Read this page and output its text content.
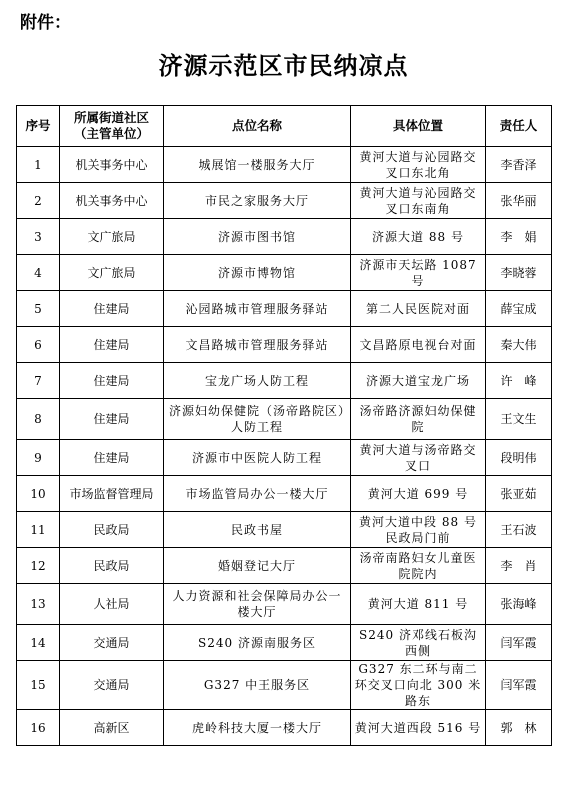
附件：
济源示范区市民纳凉点
序号	所属街道社区（主管单位）	点位名称	具体位置	责任人
1	机关事务中心	城展馆一楼服务大厅	黄河大道与沁园路交叉口东北角	李香泽
2	机关事务中心	市民之家服务大厅	黄河大道与沁园路交叉口东南角	张华丽
3	文广旅局	济源市图书馆	济源大道 88 号	李　娟
4	文广旅局	济源市博物馆	济源市天坛路 1087 号	李晓蓉
5	住建局	沁园路城市管理服务驿站	第二人民医院对面	薛宝成
6	住建局	文昌路城市管理服务驿站	文昌路原电视台对面	秦大伟
7	住建局	宝龙广场人防工程	济源大道宝龙广场	许　峰
8	住建局	济源妇幼保健院（汤帝路院区）人防工程	汤帝路济源妇幼保健院	王文生
9	住建局	济源市中医院人防工程	黄河大道与汤帝路交叉口	段明伟
10	市场监督管理局	市场监管局办公一楼大厅	黄河大道 699 号	张亚茹
11	民政局	民政书屋	黄河大道中段 88 号民政局门前	王石波
12	民政局	婚姻登记大厅	汤帝南路妇女儿童医院院内	李　肖
13	人社局	人力资源和社会保障局办公一楼大厅	黄河大道 811 号	张海峰
14	交通局	S240 济源南服务区	S240 济邓线石板沟西侧	闫军霞
15	交通局	G327 中王服务区	G327 东二环与南二环交叉口向北 300 米路东	闫军霞
16	高新区	虎岭科技大厦一楼大厅	黄河大道西段 516 号	郭　林
